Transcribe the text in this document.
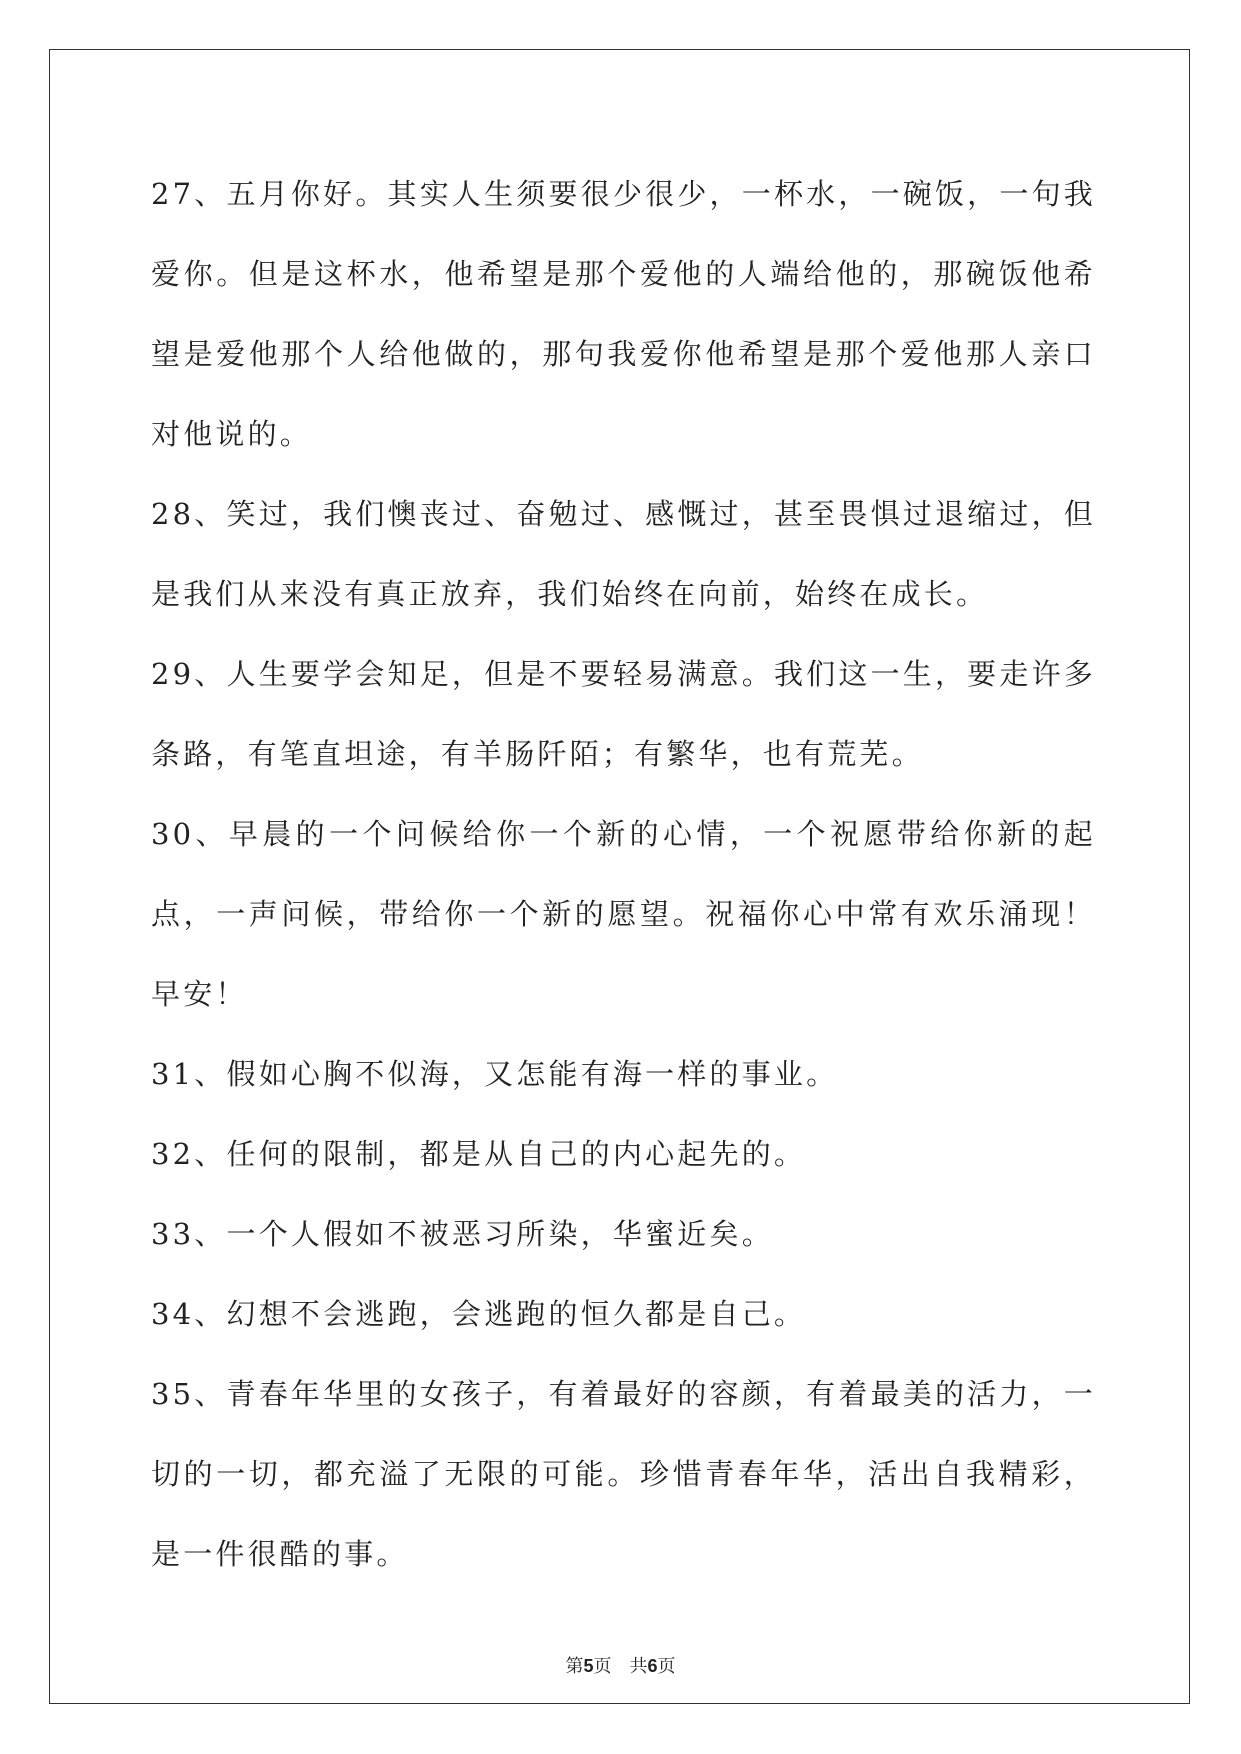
27、五月你好。其实人生须要很少很少，一杯水，一碗饭，一句我爱你。但是这杯水，他希望是那个爱他的人端给他的，那碗饭他希望是爱他那个人给他做的，那句我爱你他希望是那个爱他那人亲口对他说的。

28、笑过，我们懊丧过、奋勉过、感慨过，甚至畏惧过退缩过，但是我们从来没有真正放弃，我们始终在向前，始终在成长。

29、人生要学会知足，但是不要轻易满意。我们这一生，要走许多条路，有笔直坦途，有羊肠阡陌；有繁华，也有荒芜。

30、早晨的一个问候给你一个新的心情，一个祝愿带给你新的起点，一声问候，带给你一个新的愿望。祝福你心中常有欢乐涌现！早安！

31、假如心胸不似海，又怎能有海一样的事业。

32、任何的限制，都是从自己的内心起先的。

33、一个人假如不被恶习所染，华蜜近矣。

34、幻想不会逃跑，会逃跑的恒久都是自己。

35、青春年华里的女孩子，有着最好的容颜，有着最美的活力，一切的一切，都充溢了无限的可能。珍惜青春年华，活出自我精彩，是一件很酷的事。

第5页 共6页
